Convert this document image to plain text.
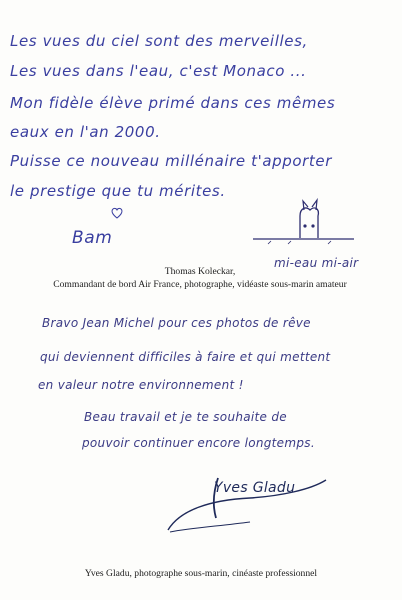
Les vues du ciel sont des merveilles,
Les vues dans l'eau, c'est Monaco ...
Mon fidèle élève primé dans ces mêmes
eaux en l'an 2000.
Puisse ce nouveau millénaire t'apporter
le prestige que tu mérites.
Bam
mi-eau mi-air
Thomas Koleckar,
Commandant de bord Air France, photographe, vidéaste sous-marin amateur
Bravo Jean Michel pour ces photos de rêve
qui deviennent difficiles à faire et qui mettent
en valeur notre environnement !
Beau travail et je te souhaite de
pouvoir continuer encore longtemps.
Yves Gladu
Yves Gladu, photographe sous-marin, cinéaste professionnel
